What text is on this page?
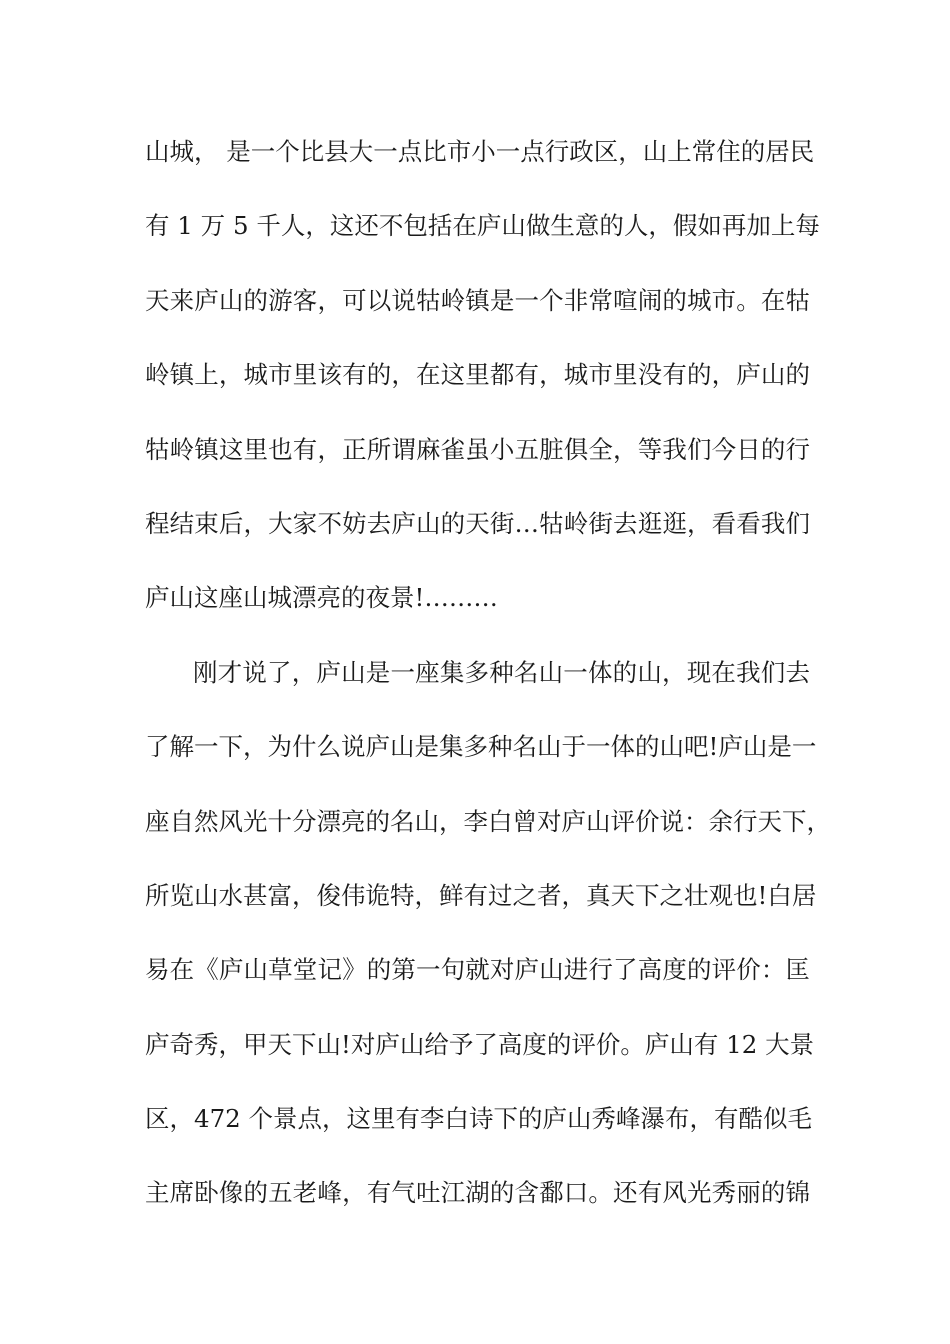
山城， 是一个比县大一点比市小一点行政区，山上常住的居民
有 1 万 5 千人，这还不包括在庐山做生意的人，假如再加上每
天来庐山的游客，可以说牯岭镇是一个非常喧闹的城市。在牯
岭镇上，城市里该有的，在这里都有，城市里没有的，庐山的
牯岭镇这里也有，正所谓麻雀虽小五脏俱全，等我们今日的行
程结束后，大家不妨去庐山的天街…牯岭街去逛逛，看看我们
庐山这座山城漂亮的夜景!………
刚才说了，庐山是一座集多种名山一体的山，现在我们去
了解一下，为什么说庐山是集多种名山于一体的山吧!庐山是一
座自然风光十分漂亮的名山，李白曾对庐山评价说：余行天下，
所览山水甚富，俊伟诡特，鲜有过之者，真天下之壮观也!白居
易在《庐山草堂记》的第一句就对庐山进行了高度的评价：匡
庐奇秀，甲天下山!对庐山给予了高度的评价。庐山有 12 大景
区，472 个景点，这里有李白诗下的庐山秀峰瀑布，有酷似毛
主席卧像的五老峰，有气吐江湖的含鄱口。还有风光秀丽的锦
